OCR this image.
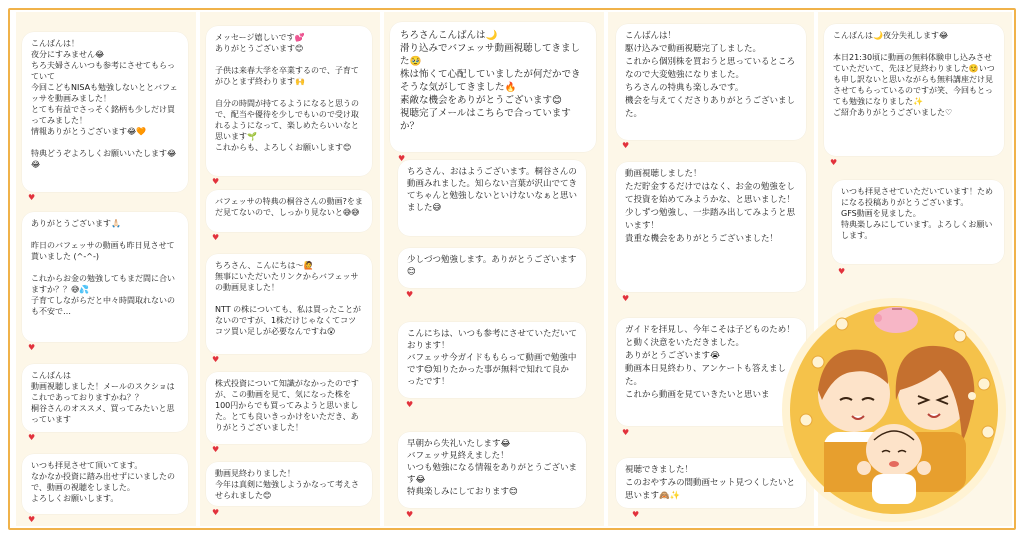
こんばんは！
夜分にすみません😂
ちろ夫婦さんいつも参考にさせてもらっていて
今回こどもNISAも勉強しないととバフェッサを動画みました！
とても有益でさっそく銘柄も少しだけ買ってみました！
情報ありがとうございます😂🧡

特典どうぞよろしくお願いいたします😂😂
♥
ありがとうございます🙏🏻

昨日のバフェッサの動画も昨日見させて貰いました (^-^-)

これからお金の勉強してもまだ間に合いますか？？😅💦
子育てしながらだと中々時間取れないのも不安で…
♥
こんばんは
動画視聴しました！メールのスクショはこれであっておりますかね？？
桐谷さんのオススメ、買ってみたいと思っています
♥
いつも拝見させて頂いてます。
なかなか投資に踏み出せずにいましたので、動画の視聴をしました。
よろしくお願いします。
♥
メッセージ嬉しいです💕
ありがとうございます😊

子供は来春大学を卒業するので、子育てがひとまず終わります🙌

自分の時間が持てるようになると思うので、配当や優待を少しでもいので受け取れるようになって、楽しめたらいいなと思います🌱
これからも、よろしくお願いします😊
♥
バフェッサの特典の桐谷さんの動画?をまだ見てないので、しっかり見ないと😅😅
♥
ちろさん、こんにちは〜🙋
無事にいただいたリンクからバフェッサの動画見ました！

NTT の株についても、私は買ったことがないのですが、1株だけじゃなくてコツコツ買い足しが必要なんですね😮
♥
株式投資について知識がなかったのですが、この動画を見て、気になった株を100円からでも買ってみようと思いました。とても良いきっかけをいただき、ありがとうございました！
♥
動画見終わりました！
今年は真剣に勉強しようかなって考えさせられました😊
♥
少しづつ勉強します。ありがとうございます😊
ちろさん、おはようございます。桐谷さんの動画みれました。知らない言葉が沢山でてきてちゃんと勉強しないといけないなぁと思いました😅
ちろさんこんばんは🌙
滑り込みでバフェッサ動画視聴してきました🥹
株は怖くて心配していましたが何だかできそうな気がしてきました🔥
素敵な機会をありがとうございます😊
視聴完了メールはこちらで合っていますか？
♥
♥
こんにちは、いつも参考にさせていただいております！
バフェッサ今ガイドももらって動画で勉強中です😊知りたかった事が無料で知れて良かったです！
♥
早朝から失礼いたします😂
バフェッサ見終えました！
いつも勉強になる情報をありがとうございます😂
特典楽しみにしております😊
♥
こんばんは！
駆け込みで動画視聴完了しました。
これから個別株を買おうと思っているところなので大変勉強になりました。
ちろさんの特典も楽しみです。
機会を与えてくださりありがとうございました。
♥
動画視聴しました！
ただ貯金するだけではなく、お金の勉強をして投資を始めてみようかな、と思いました！
少しずつ勉強し、一歩踏み出してみようと思います！
貴重な機会をありがとうございました！
♥
ガイドを拝見し、今年こそは子どものため！と動く決意をいただきました。
ありがとうございます😭
動画本日見終わり、アンケートも答えました。
これから動画を見ていきたいと思いま
♥
視聴できました！
このおやすみの間動画セット見つくしたいと思います🙈✨
♥
こんばんは🌙夜分失礼します😂

本日21:30頃に動画の無料体験申し込みさせていただいて、先ほど見終わりました☺️いつも申し訳ないと思いながらも無料講座だけ見させてもらっているのですが笑、今回もとっても勉強になりました✨
ご紹介ありがとうございました♡
♥
いつも拝見させていただいています！ためになる投稿ありがとうございます。
GFS動画を見ました。
特典楽しみにしています。よろしくお願いします。
♥
